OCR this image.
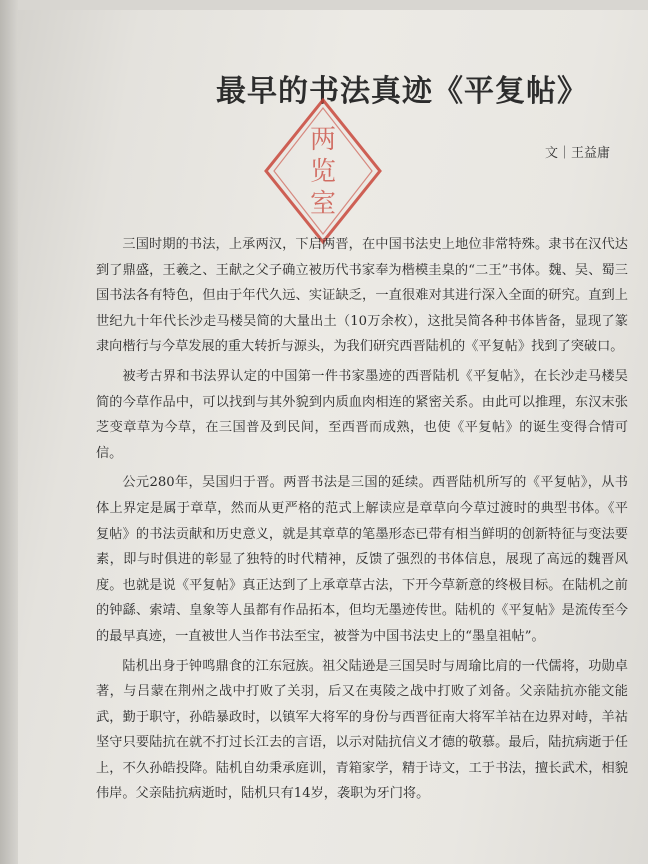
最早的书法真迹《平复帖》
两
览
室
文｜王益庸

三国时期的书法，上承两汉，下启两晋，在中国书法史上地位非常特殊。隶书在汉代达到了鼎盛，王羲之、王献之父子确立被历代书家奉为楷模圭臬的“二王”书体。魏、吴、蜀三国书法各有特色，但由于年代久远、实证缺乏，一直很难对其进行深入全面的研究。直到上世纪九十年代长沙走马楼吴简的大量出土（10万余枚），这批吴简各种书体皆备，显现了篆隶向楷行与今草发展的重大转折与源头，为我们研究西晋陆机的《平复帖》找到了突破口。

被考古界和书法界认定的中国第一件书家墨迹的西晋陆机《平复帖》，在长沙走马楼吴简的今草作品中，可以找到与其外貌到内质血肉相连的紧密关系。由此可以推理，东汉末张芝变章草为今草，在三国普及到民间，至西晋而成熟，也使《平复帖》的诞生变得合情可信。

公元280年，吴国归于晋。两晋书法是三国的延续。西晋陆机所写的《平复帖》，从书体上界定是属于章草，然而从更严格的范式上解读应是章草向今草过渡时的典型书体。《平复帖》的书法贡献和历史意义，就是其章草的笔墨形态已带有相当鲜明的创新特征与变法要素，即与时俱进的彰显了独特的时代精神，反馈了强烈的书体信息，展现了高远的魏晋风度。也就是说《平复帖》真正达到了上承章草古法，下开今草新意的终极目标。在陆机之前的钟繇、索靖、皇象等人虽都有作品拓本，但均无墨迹传世。陆机的《平复帖》是流传至今的最早真迹，一直被世人当作书法至宝，被誉为中国书法史上的“墨皇祖帖”。

陆机出身于钟鸣鼎食的江东冠族。祖父陆逊是三国吴时与周瑜比肩的一代儒将，功勋卓著，与吕蒙在荆州之战中打败了关羽，后又在夷陵之战中打败了刘备。父亲陆抗亦能文能武，勤于职守，孙皓暴政时，以镇军大将军的身份与西晋征南大将军羊祜在边界对峙，羊祜坚守只要陆抗在就不打过长江去的言语，以示对陆抗信义才德的敬慕。最后，陆抗病逝于任上，不久孙皓投降。陆机自幼秉承庭训，青箱家学，精于诗文，工于书法，擅长武术，相貌伟岸。父亲陆抗病逝时，陆机只有14岁，袭职为牙门将。
